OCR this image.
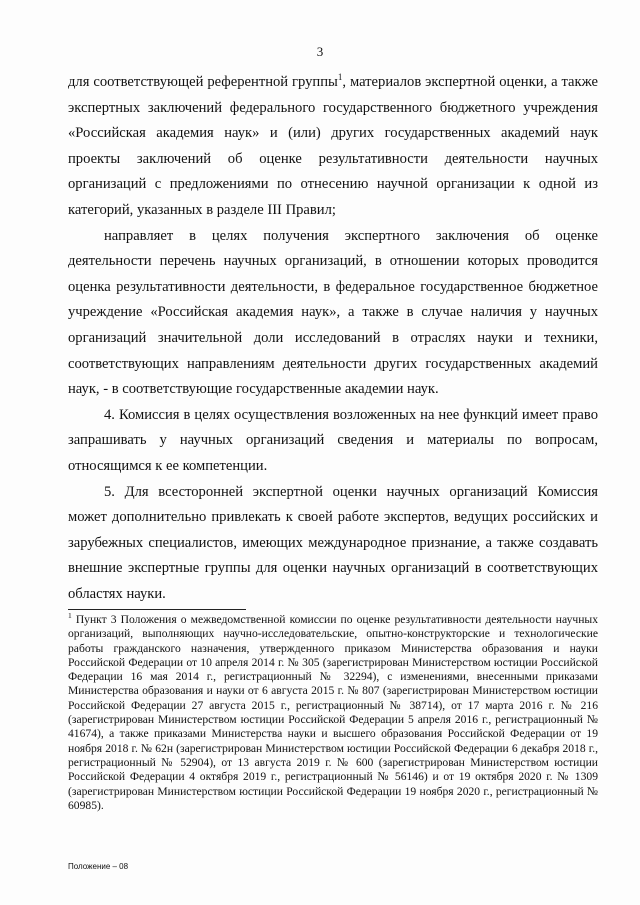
3

для соответствующей референтной группы$^1$, материалов экспертной оценки, а также экспертных заключений федерального государственного бюджетного учреждения «Российская академия наук» и (или) других государственных академий наук проекты заключений об оценке результативности деятельности научных организаций с предложениями по отнесению научной организации к одной из категорий, указанных в разделе III Правил;

направляет в целях получения экспертного заключения об оценке деятельности перечень научных организаций, в отношении которых проводится оценка результативности деятельности, в федеральное государственное бюджетное учреждение «Российская академия наук», а также в случае наличия у научных организаций значительной доли исследований в отраслях науки и техники, соответствующих направлениям деятельности других государственных академий наук, - в соответствующие государственные академии наук.

4. Комиссия в целях осуществления возложенных на нее функций имеет право запрашивать у научных организаций сведения и материалы по вопросам, относящимся к ее компетенции.

5. Для всесторонней экспертной оценки научных организаций Комиссия может дополнительно привлекать к своей работе экспертов, ведущих российских и зарубежных специалистов, имеющих международное признание, а также создавать внешние экспертные группы для оценки научных организаций в соответствующих областях науки.

$^1$ Пункт 3 Положения о межведомственной комиссии по оценке результативности деятельности научных организаций, выполняющих научно-исследовательские, опытно-конструкторские и технологические работы гражданского назначения, утвержденного приказом Министерства образования и науки Российской Федерации от 10 апреля 2014 г. № 305 (зарегистрирован Министерством юстиции Российской Федерации 16 мая 2014 г., регистрационный № 32294), с изменениями, внесенными приказами Министерства образования и науки от 6 августа 2015 г. № 807 (зарегистрирован Министерством юстиции Российской Федерации 27 августа 2015 г., регистрационный № 38714), от 17 марта 2016 г. № 216 (зарегистрирован Министерством юстиции Российской Федерации 5 апреля 2016 г., регистрационный № 41674), а также приказами Министерства науки и высшего образования Российской Федерации от 19 ноября 2018 г. № 62н (зарегистрирован Министерством юстиции Российской Федерации 6 декабря 2018 г., регистрационный № 52904), от 13 августа 2019 г. № 600 (зарегистрирован Министерством юстиции Российской Федерации 4 октября 2019 г., регистрационный № 56146) и от 19 октября 2020 г. № 1309 (зарегистрирован Министерством юстиции Российской Федерации 19 ноября 2020 г., регистрационный № 60985).
Положение – 08
